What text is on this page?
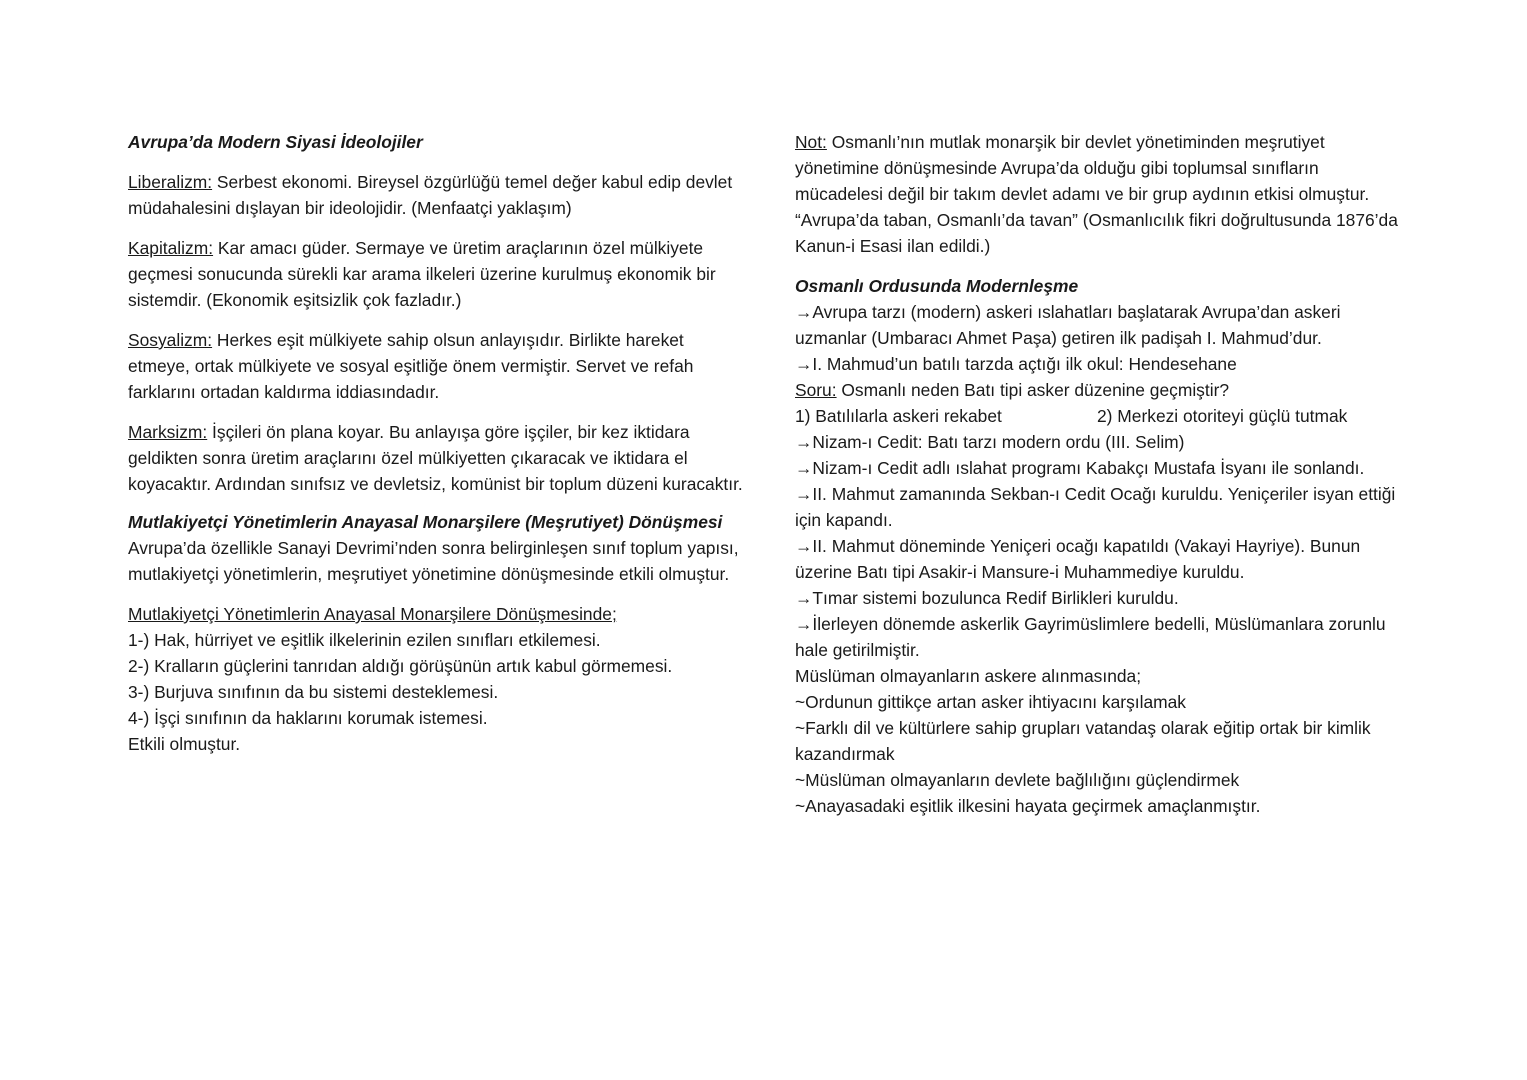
Avrupa’da Modern Siyasi İdeolojiler

Liberalizm: Serbest ekonomi. Bireysel özgürlüğü temel değer kabul edip devlet müdahalesini dışlayan bir ideolojidir. (Menfaatçi yaklaşım)

Kapitalizm: Kar amacı güder. Sermaye ve üretim araçlarının özel mülkiyete geçmesi sonucunda sürekli kar arama ilkeleri üzerine kurulmuş ekonomik bir sistemdir. (Ekonomik eşitsizlik çok fazladır.)

Sosyalizm: Herkes eşit mülkiyete sahip olsun anlayışıdır. Birlikte hareket etmeye, ortak mülkiyete ve sosyal eşitliğe önem vermiştir. Servet ve refah farklarını ortadan kaldırma iddiasındadır.

Marksizm: İşçileri ön plana koyar. Bu anlayışa göre işçiler, bir kez iktidara geldikten sonra üretim araçlarını özel mülkiyetten çıkaracak ve iktidara el koyacaktır. Ardından sınıfsız ve devletsiz, komünist bir toplum düzeni kuracaktır.

Mutlakiyetçi Yönetimlerin Anayasal Monarşilere (Meşrutiyet) Dönüşmesi

Avrupa’da özellikle Sanayi Devrimi’nden sonra belirginleşen sınıf toplum yapısı, mutlakiyetçi yönetimlerin, meşrutiyet yönetimine dönüşmesinde etkili olmuştur.

Mutlakiyetçi Yönetimlerin Anayasal Monarşilere Dönüşmesinde;

1-) Hak, hürriyet ve eşitlik ilkelerinin ezilen sınıfları etkilemesi.

2-) Kralların güçlerini tanrıdan aldığı görüşünün artık kabul görmemesi.

3-) Burjuva sınıfının da bu sistemi desteklemesi.

4-) İşçi sınıfının da haklarını korumak istemesi.

Etkili olmuştur.

Not: Osmanlı’nın mutlak monarşik bir devlet yönetiminden meşrutiyet yönetimine dönüşmesinde Avrupa’da olduğu gibi toplumsal sınıfların mücadelesi değil bir takım devlet adamı ve bir grup aydının etkisi olmuştur. “Avrupa’da taban, Osmanlı’da tavan” (Osmanlıcılık fikri doğrultusunda 1876’da Kanun-i Esasi ilan edildi.)

Osmanlı Ordusunda Modernleşme

→Avrupa tarzı (modern) askeri ıslahatları başlatarak Avrupa’dan askeri uzmanlar (Umbaracı Ahmet Paşa) getiren ilk padişah I. Mahmud’dur.

→I. Mahmud’un batılı tarzda açtığı ilk okul: Hendesehane

Soru: Osmanlı neden Batı tipi asker düzenine geçmiştir?

1) Batılılarla askeri rekabet	2) Merkezi otoriteyi güçlü tutmak

→Nizam-ı Cedit: Batı tarzı modern ordu (III. Selim)

→Nizam-ı Cedit adlı ıslahat programı Kabakçı Mustafa İsyanı ile sonlandı.

→II. Mahmut zamanında Sekban-ı Cedit Ocağı kuruldu. Yeniçeriler isyan ettiği için kapandı.

→II. Mahmut döneminde Yeniçeri ocağı kapatıldı (Vakayi Hayriye). Bunun üzerine Batı tipi Asakir-i Mansure-i Muhammediye kuruldu.

→Tımar sistemi bozulunca Redif Birlikleri kuruldu.

→İlerleyen dönemde askerlik Gayrimüslimlere bedelli, Müslümanlara zorunlu hale getirilmiştir.

Müslüman olmayanların askere alınmasında;

~Ordunun gittikçe artan asker ihtiyacını karşılamak

~Farklı dil ve kültürlere sahip grupları vatandaş olarak eğitip ortak bir kimlik kazandırmak

~Müslüman olmayanların devlete bağlılığını güçlendirmek

~Anayasadaki eşitlik ilkesini hayata geçirmek amaçlanmıştır.
